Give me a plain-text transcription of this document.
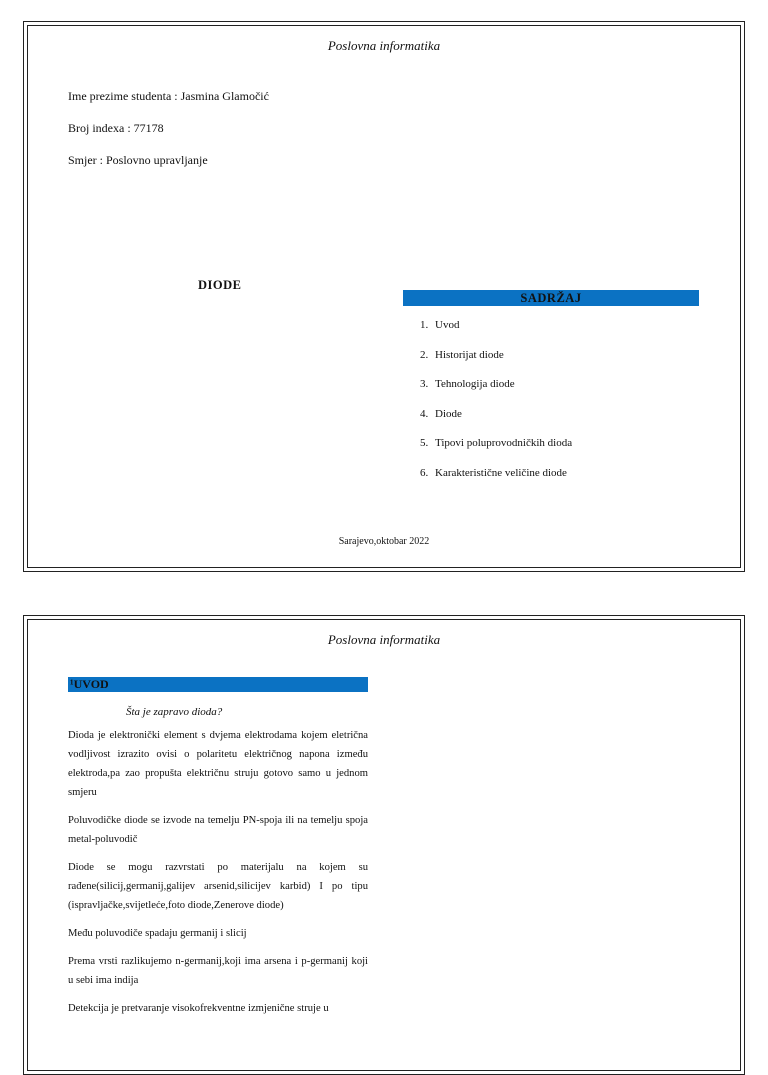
Poslovna informatika
Ime prezime studenta : Jasmina Glamočić
Broj indexa : 77178
Smjer : Poslovno upravljanje
DIODE
SADRŽAJ
1. Uvod
2. Historijat diode
3. Tehnologija diode
4. Diode
5. Tipovi poluprovodničkih dioda
6. Karakteristične veličine diode
Sarajevo,oktobar 2022
Poslovna informatika
¹UVOD
Šta je zapravo dioda?

Dioda je elektronički element s dvjema elektrodama kojem eletrična vodljivost izrazito ovisi o polaritetu električnog napona između elektroda,pa zao propušta električnu struju gotovo samo u jednom smjeru

Poluvodičke diode se izvode na temelju PN-spoja ili na temelju spoja metal-poluvodič

Diode se mogu razvrstati po materijalu na kojem su rađene(silicij,germanij,galijev arsenid,silicijev karbid) I po tipu (ispravljačke,svijetleće,foto diode,Zenerove diode)

Među poluvodiče spadaju germanij i slicij

Prema vrsti razlikujemo n-germanij,koji ima arsena i p-germanij koji u sebi ima indija

Detekcija je pretvaranje visokofrekventne izmjenične struje u
